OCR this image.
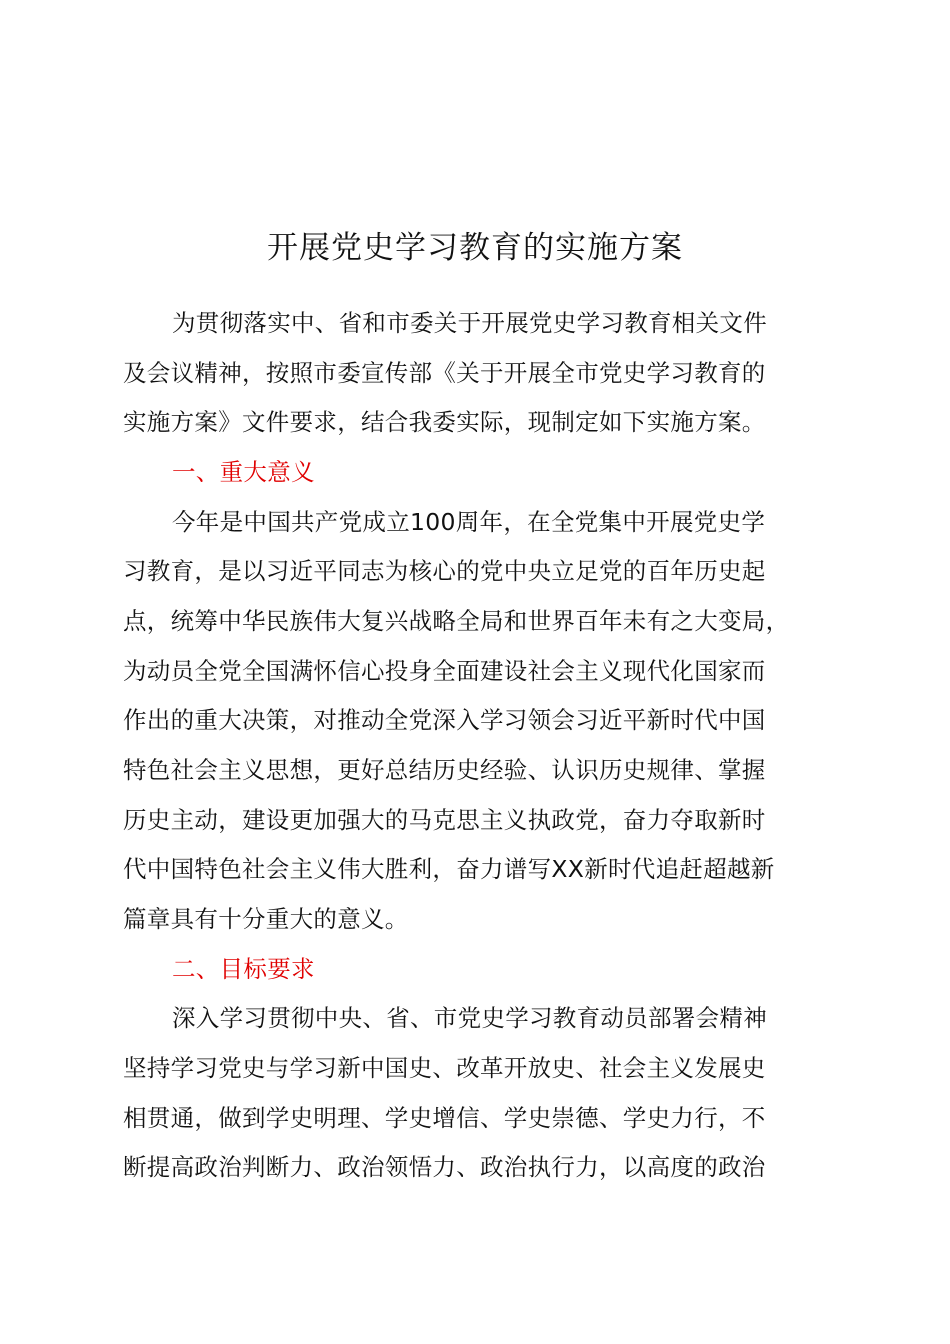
开展党史学习教育的实施方案

为贯彻落实中、省和市委关于开展党史学习教育相关文件

及会议精神，按照市委宣传部《关于开展全市党史学习教育的

实施方案》文件要求，结合我委实际，现制定如下实施方案。

一、重大意义

今年是中国共产党成立100周年，在全党集中开展党史学

习教育，是以习近平同志为核心的党中央立足党的百年历史起

点，统筹中华民族伟大复兴战略全局和世界百年未有之大变局，

为动员全党全国满怀信心投身全面建设社会主义现代化国家而

作出的重大决策，对推动全党深入学习领会习近平新时代中国

特色社会主义思想，更好总结历史经验、认识历史规律、掌握

历史主动，建设更加强大的马克思主义执政党，奋力夺取新时

代中国特色社会主义伟大胜利，奋力谱写XX新时代追赶超越新

篇章具有十分重大的意义。

二、目标要求

深入学习贯彻中央、省、市党史学习教育动员部署会精神

坚持学习党史与学习新中国史、改革开放史、社会主义发展史

相贯通，做到学史明理、学史增信、学史崇德、学史力行，不

断提高政治判断力、政治领悟力、政治执行力，以高度的政治
